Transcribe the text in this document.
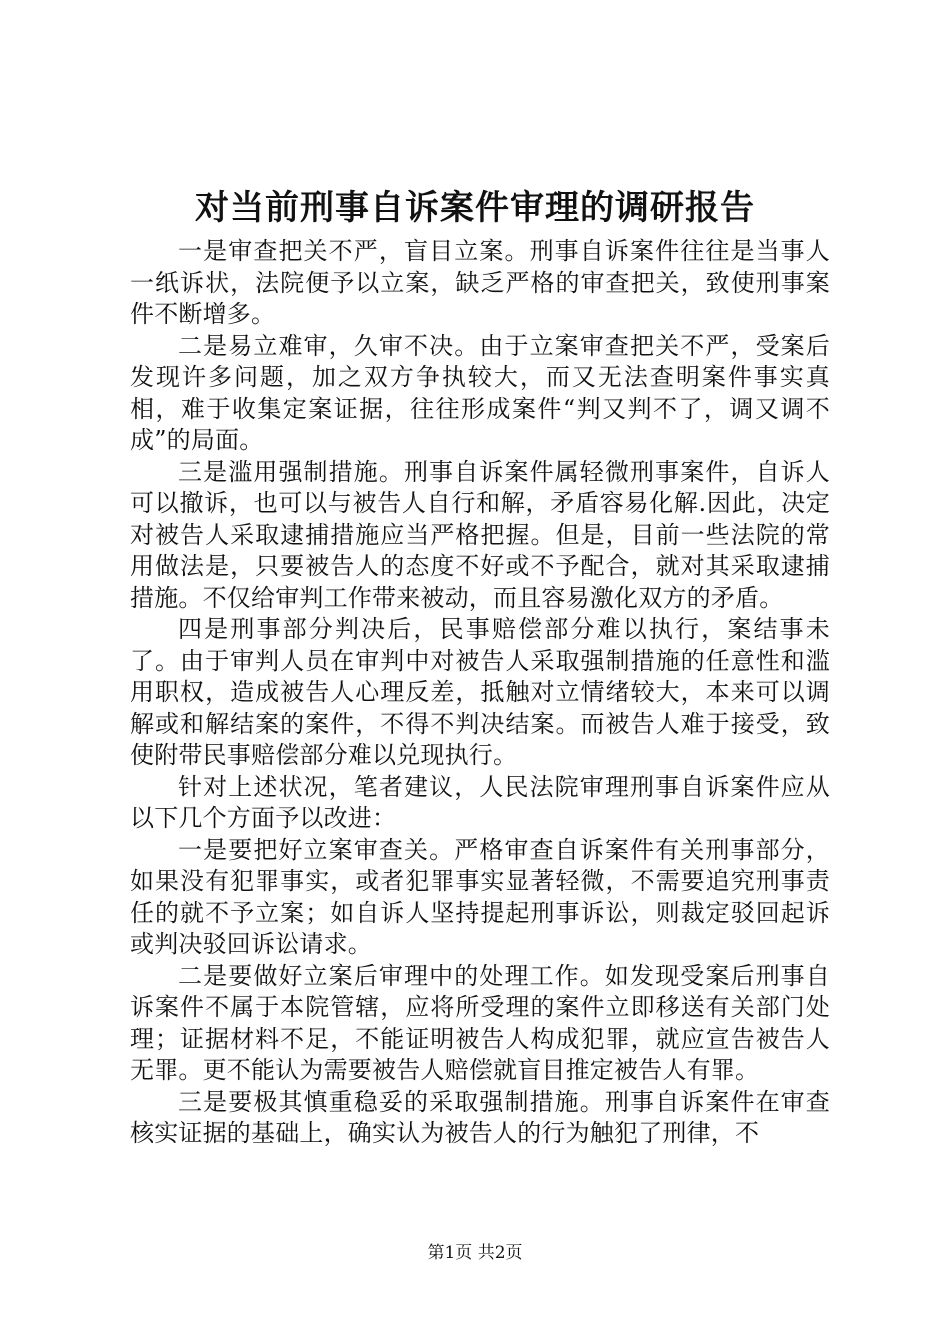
对当前刑事自诉案件审理的调研报告

一是审查把关不严，盲目立案。刑事自诉案件往往是当事人一纸诉状，法院便予以立案，缺乏严格的审查把关，致使刑事案件不断增多。

二是易立难审，久审不决。由于立案审查把关不严，受案后发现许多问题，加之双方争执较大，而又无法查明案件事实真相，难于收集定案证据，往往形成案件“判又判不了，调又调不成”的局面。

三是滥用强制措施。刑事自诉案件属轻微刑事案件，自诉人可以撤诉，也可以与被告人自行和解，矛盾容易化解.因此，决定对被告人采取逮捕措施应当严格把握。但是，目前一些法院的常用做法是，只要被告人的态度不好或不予配合，就对其采取逮捕措施。不仅给审判工作带来被动，而且容易激化双方的矛盾。

四是刑事部分判决后，民事赔偿部分难以执行，案结事未了。由于审判人员在审判中对被告人采取强制措施的任意性和滥用职权，造成被告人心理反差，抵触对立情绪较大，本来可以调解或和解结案的案件，不得不判决结案。而被告人难于接受，致使附带民事赔偿部分难以兑现执行。

针对上述状况，笔者建议，人民法院审理刑事自诉案件应从以下几个方面予以改进：

一是要把好立案审查关。严格审查自诉案件有关刑事部分，如果没有犯罪事实，或者犯罪事实显著轻微，不需要追究刑事责任的就不予立案；如自诉人坚持提起刑事诉讼，则裁定驳回起诉或判决驳回诉讼请求。

二是要做好立案后审理中的处理工作。如发现受案后刑事自诉案件不属于本院管辖，应将所受理的案件立即移送有关部门处理；证据材料不足，不能证明被告人构成犯罪，就应宣告被告人无罪。更不能认为需要被告人赔偿就盲目推定被告人有罪。

三是要极其慎重稳妥的采取强制措施。刑事自诉案件在审查核实证据的基础上，确实认为被告人的行为触犯了刑律，不

第1页 共2页
